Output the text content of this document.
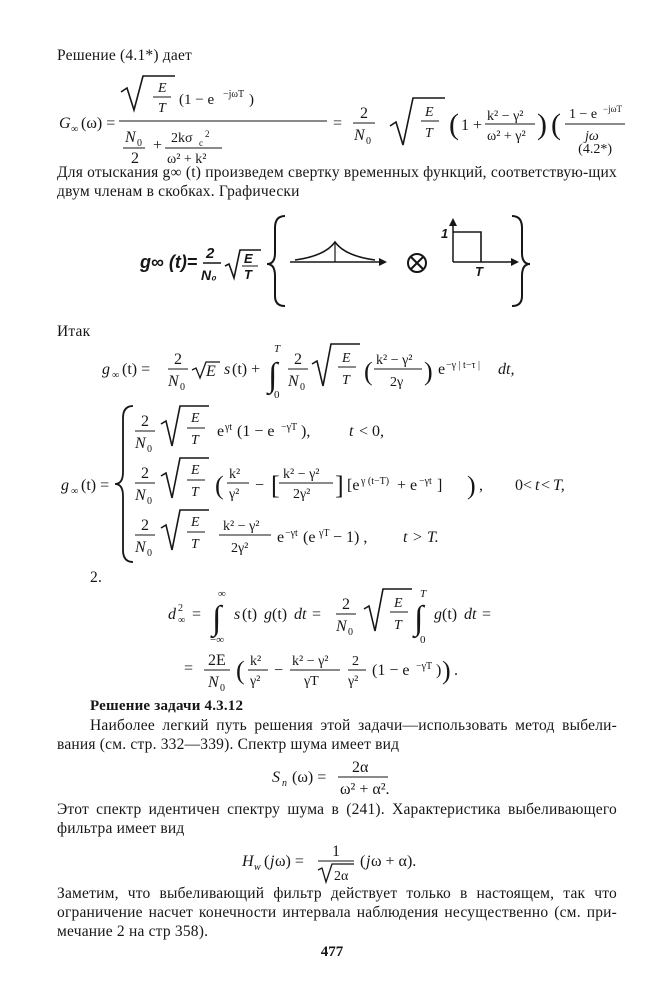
Решение (4.1*) дает
G ∞ (ω) =
E
T
(1 − e −jωT )
N 0
2
+ 2kσ c
2
ω² + k²
=
2
N 0
E
T ( 1 +
k² − γ²
ω² + γ² ) ( 1 − e −jωT
jω
(4.2*)
Для отыскания g∞ (t) произведем свертку временных функций, соответствую-щих двум членам в скобках. Графически
g∞ (t)= 2
N₀
E
T
1
T
Итак
g ∞ (t) =
2
N 0
E s (t) +
T
∫
0
2
N 0
E
T ( k² − γ²
2γ ) e −γ | t−τ | dt,
g ∞ (t) =
2
N 0
E
T
e γt (1 − e −γT ), t < 0,
2
N 0
E
T ( k²
γ²
− [ k² − γ²
2γ² ] [e γ (t−T) + e −γt ] ) , 0< t < T,
2
N 0
E
T
k² − γ²
2γ²
e −γt (e γT − 1) , t > T.
2.
d 2
∞ =
∞
∫
−∞
s (t) g (t) dt =
2
N 0
E
T
T
∫
0
g (t) dt =
= 2E
N 0
( k²
γ²
−
k² − γ²
γT
2
γ²
(1 − e −γT ) ) .
Решение задачи 4.3.12
Наиболее легкий путь решения этой задачи—использовать метод выбели-вания (см. стр. 332—339). Спектр шума имеет вид
S n (ω) =
2α
ω² + α².
Этот спектр идентичен спектру шума в (241). Характеристика выбеливающего фильтра имеет вид
H w ( j ω) =
1
2α
( j ω + α).
Заметим, что выбеливающий фильтр действует только в настоящем, так что ограничение насчет конечности интервала наблюдения несущественно (см. при-мечание 2 на стр 358).
477
